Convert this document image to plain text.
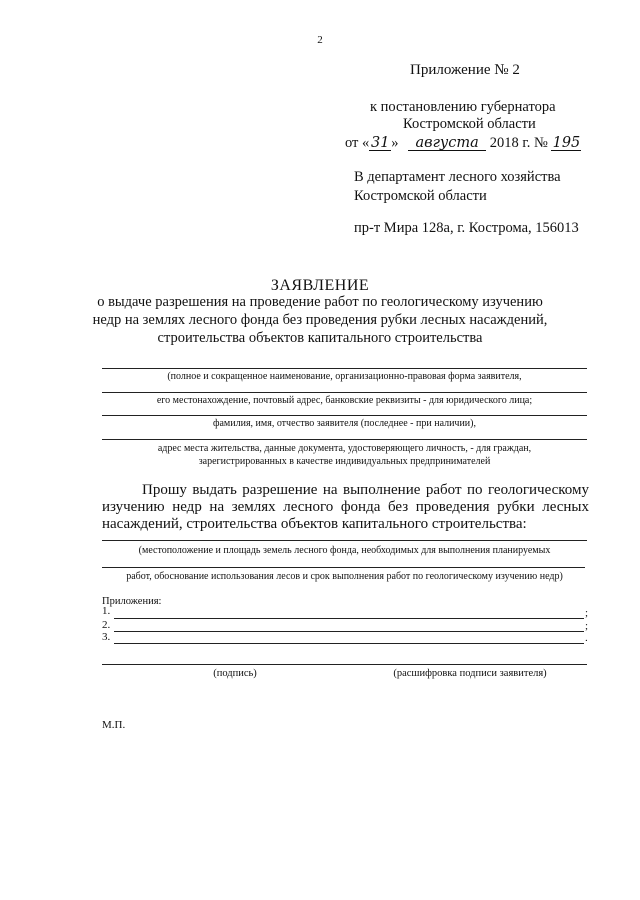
2
Приложение № 2
к постановлению губернатора
Костромской области
от « 31 » августа 2018 г. № 195
В департамент лесного хозяйства
Костромской области
пр-т Мира 128а, г. Кострома, 156013
ЗАЯВЛЕНИЕ
о выдаче разрешения на проведение работ по геологическому изучению
недр на землях лесного фонда без проведения рубки лесных насаждений,
строительства объектов капитального строительства
(полное и сокращенное наименование, организационно-правовая форма заявителя,
его местонахождение, почтовый адрес, банковские реквизиты - для юридического лица;
фамилия, имя, отчество заявителя (последнее - при наличии),
адрес места жительства, данные документа, удостоверяющего личность, - для граждан,
зарегистрированных в качестве индивидуальных предпринимателей
Прошу выдать разрешение на выполнение работ по геологическому изучению недр на землях лесного фонда без проведения рубки лесных насаждений, строительства объектов капитального строительства:
(местоположение и площадь земель лесного фонда, необходимых для выполнения планируемых
работ, обоснование использования лесов и срок выполнения работ по геологическому изучению недр)
Приложения:
1.	;
2.	;
3.	.
(подпись)	(расшифровка подписи заявителя)
М.П.
